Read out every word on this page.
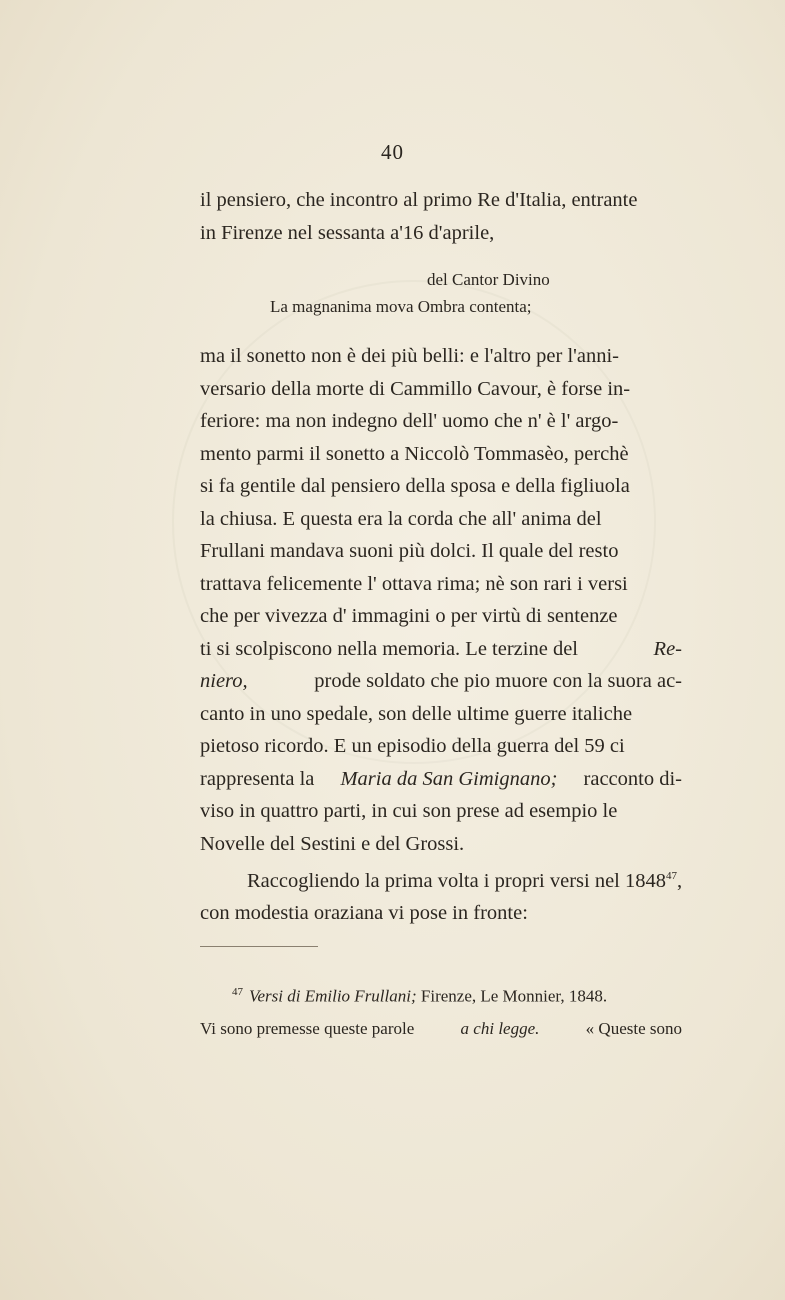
40
il pensiero, che incontro al primo Re d'Italia, entrante
in Firenze nel sessanta a'16 d'aprile,
del Cantor Divino
La magnanima mova Ombra contenta;
ma il sonetto non è dei più belli: e l'altro per l'anni-
versario della morte di Cammillo Cavour, è forse in-
feriore: ma non indegno dell' uomo che n' è l' argo-
mento parmi il sonetto a Niccolò Tommasèo, perchè
si fa gentile dal pensiero della sposa e della figliuola
la chiusa. E questa era la corda che all' anima del
Frullani mandava suoni più dolci. Il quale del resto
trattava felicemente l' ottava rima; nè son rari i versi
che per vivezza d' immagini o per virtù di sentenze
ti si scolpiscono nella memoria. Le terzine del	Re-
niero,	prode soldato che pio muore con la suora ac-
canto in uno spedale, son delle ultime guerre italiche
pietoso ricordo. E un episodio della guerra del 59 ci
rappresenta la Maria da San Gimignano; racconto di-
viso in quattro parti, in cui son prese ad esempio le
Novelle del Sestini e del Grossi.
Raccogliendo la prima volta i propri versi nel 1848$^{47}$,
con modestia oraziana vi pose in fronte:
$^{47}$ Versi di Emilio Frullani; Firenze, Le Monnier, 1848.
Vi sono premesse queste parole	a chi legge.	« Queste sono
